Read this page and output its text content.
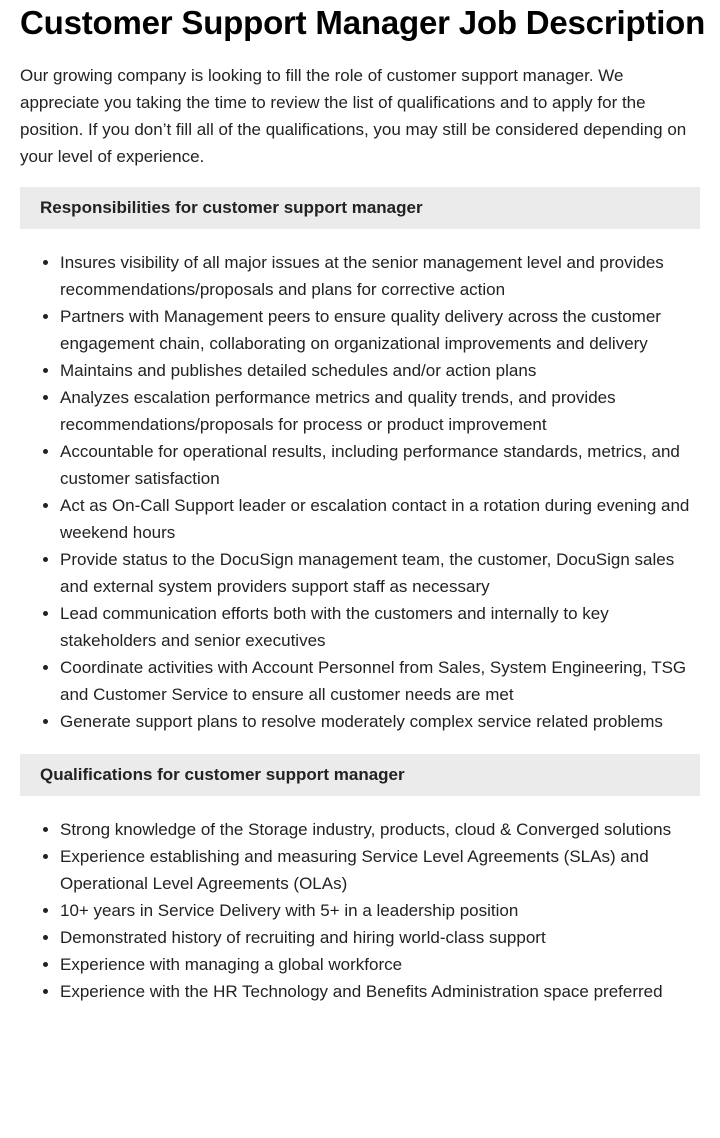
Customer Support Manager Job Description

Our growing company is looking to fill the role of customer support manager. We appreciate you taking the time to review the list of qualifications and to apply for the position. If you don’t fill all of the qualifications, you may still be considered depending on your level of experience.

Responsibilities for customer support manager
• Insures visibility of all major issues at the senior management level and provides recommendations/proposals and plans for corrective action
• Partners with Management peers to ensure quality delivery across the customer engagement chain, collaborating on organizational improvements and delivery
• Maintains and publishes detailed schedules and/or action plans
• Analyzes escalation performance metrics and quality trends, and provides recommendations/proposals for process or product improvement
• Accountable for operational results, including performance standards, metrics, and customer satisfaction
• Act as On-Call Support leader or escalation contact in a rotation during evening and weekend hours
• Provide status to the DocuSign management team, the customer, DocuSign sales and external system providers support staff as necessary
• Lead communication efforts both with the customers and internally to key stakeholders and senior executives
• Coordinate activities with Account Personnel from Sales, System Engineering, TSG and Customer Service to ensure all customer needs are met
• Generate support plans to resolve moderately complex service related problems
Qualifications for customer support manager
• Strong knowledge of the Storage industry, products, cloud & Converged solutions
• Experience establishing and measuring Service Level Agreements (SLAs) and Operational Level Agreements (OLAs)
• 10+ years in Service Delivery with 5+ in a leadership position
• Demonstrated history of recruiting and hiring world-class support
• Experience with managing a global workforce
• Experience with the HR Technology and Benefits Administration space preferred
